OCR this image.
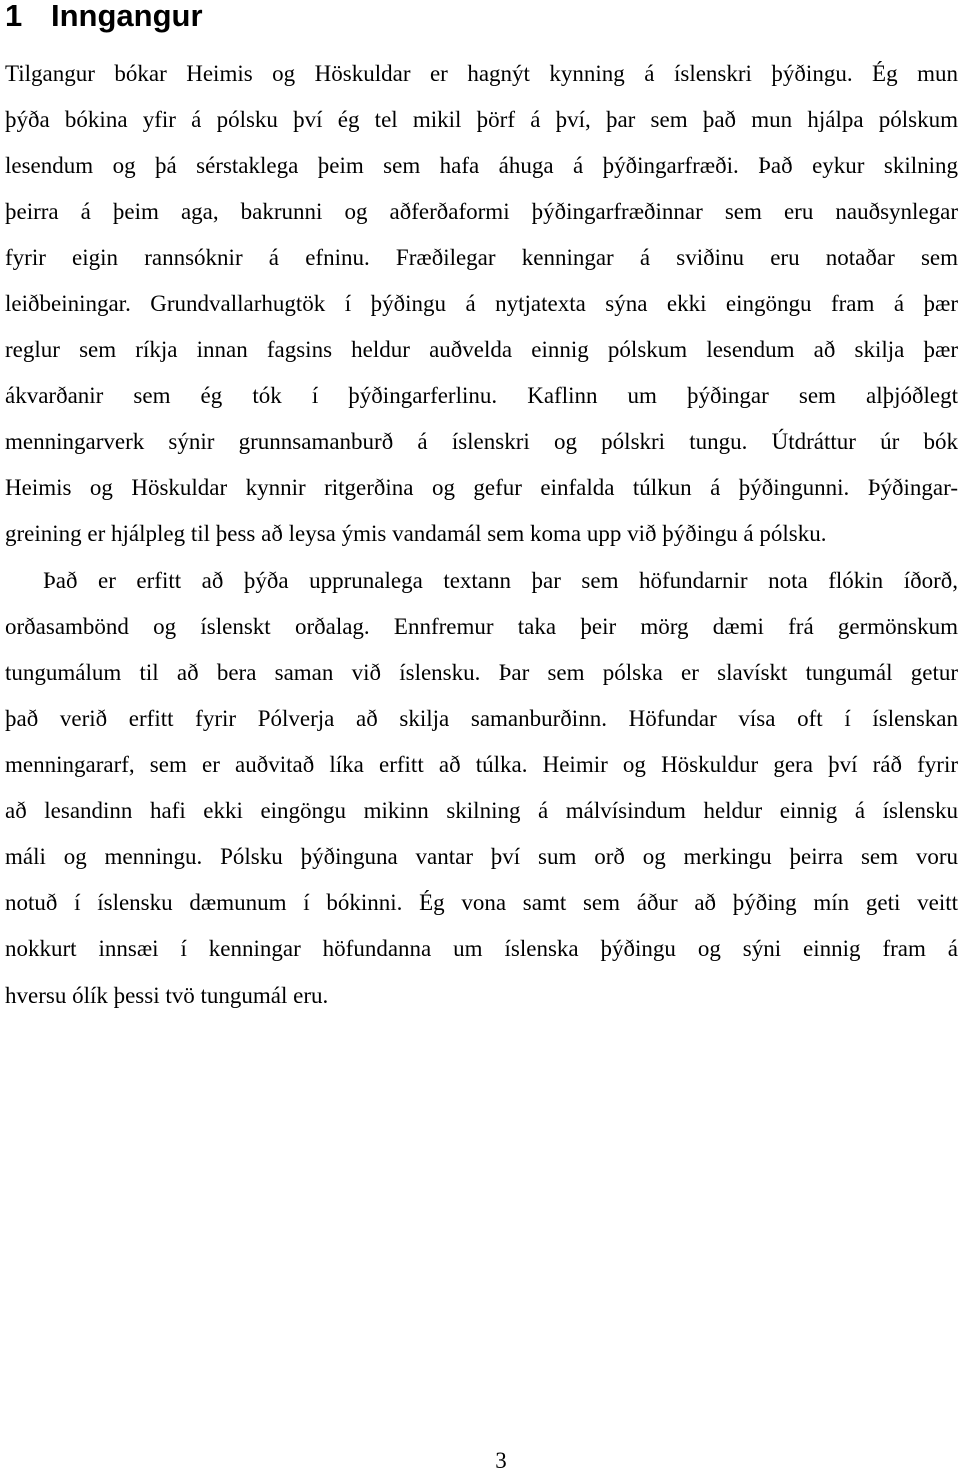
1 Inngangur
Tilgangur bókar Heimis og Höskuldar er hagnýt kynning á íslenskri þýðingu. Ég mun
þýða bókina yfir á pólsku því ég tel mikil þörf á því, þar sem það mun hjálpa pólskum
lesendum og þá sérstaklega þeim sem hafa áhuga á þýðingarfræði. Það eykur skilning
þeirra á þeim aga, bakrunni og aðferðaformi þýðingarfræðinnar sem eru nauðsynlegar
fyrir eigin rannsóknir á efninu. Fræðilegar kenningar á sviðinu eru notaðar sem
leiðbeiningar. Grundvallarhugtök í þýðingu á nytjatexta sýna ekki eingöngu fram á þær
reglur sem ríkja innan fagsins heldur auðvelda einnig pólskum lesendum að skilja þær
ákvarðanir sem ég tók í þýðingarferlinu. Kaflinn um þýðingar sem alþjóðlegt
menningarverk sýnir grunnsamanburð á íslenskri og pólskri tungu. Útdráttur úr bók
Heimis og Höskuldar kynnir ritgerðina og gefur einfalda túlkun á þýðingunni. Þýðingar-
greining er hjálpleg til þess að leysa ýmis vandamál sem koma upp við þýðingu á pólsku.
Það er erfitt að þýða upprunalega textann þar sem höfundarnir nota flókin íðorð,
orðasambönd og íslenskt orðalag. Ennfremur taka þeir mörg dæmi frá germönskum
tungumálum til að bera saman við íslensku. Þar sem pólska er slavískt tungumál getur
það verið erfitt fyrir Pólverja að skilja samanburðinn. Höfundar vísa oft í íslenskan
menningararf, sem er auðvitað líka erfitt að túlka. Heimir og Höskuldur gera því ráð fyrir
að lesandinn hafi ekki eingöngu mikinn skilning á málvísindum heldur einnig á íslensku
máli og menningu. Pólsku þýðinguna vantar því sum orð og merkingu þeirra sem voru
notuð í íslensku dæmunum í bókinni. Ég vona samt sem áður að þýðing mín geti veitt
nokkurt innsæi í kenningar höfundanna um íslenska þýðingu og sýni einnig fram á
hversu ólík þessi tvö tungumál eru.
3
